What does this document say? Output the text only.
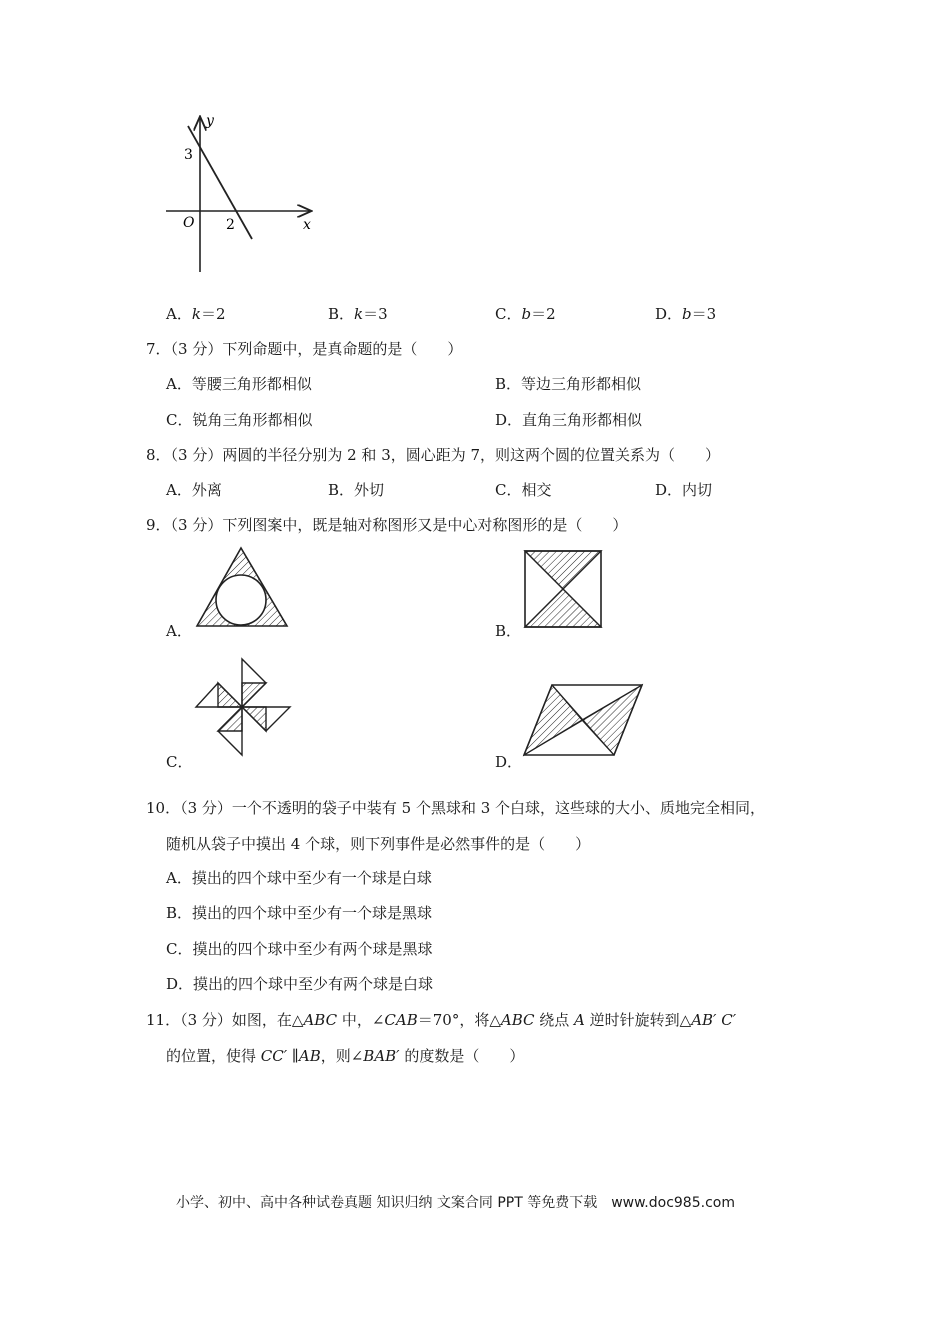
y
x
O
3
2
A．k＝2	B．k＝3	C．b＝2	D．b＝3
7．（3 分）下列命题中，是真命题的是（　　）
A．等腰三角形都相似	B．等边三角形都相似
C．锐角三角形都相似	D．直角三角形都相似
8．（3 分）两圆的半径分别为 2 和 3，圆心距为 7，则这两个圆的位置关系为（　　）
A．外离	B．外切	C．相交	D．内切
9．（3 分）下列图案中，既是轴对称图形又是中心对称图形的是（　　）
A．	B．
C．	D．
10．（3 分）一个不透明的袋子中装有 5 个黑球和 3 个白球，这些球的大小、质地完全相同，
随机从袋子中摸出 4 个球，则下列事件是必然事件的是（　　）
A．摸出的四个球中至少有一个球是白球
B．摸出的四个球中至少有一个球是黑球
C．摸出的四个球中至少有两个球是黑球
D．摸出的四个球中至少有两个球是白球
11．（3 分）如图，在△ABC 中，∠CAB＝70°，将△ABC 绕点 A 逆时针旋转到△AB′ C′
的位置，使得 CC′ ∥AB，则∠BAB′ 的度数是（　　）
小学、初中、高中各种试卷真题 知识归纳 文案合同 PPT 等免费下载　www.doc985.com
